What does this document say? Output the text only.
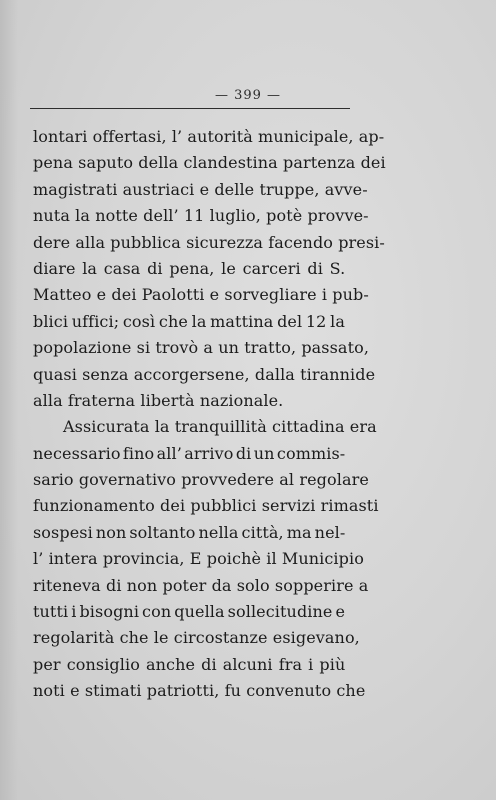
— 399 —
lontari offertasi, l’ autorità municipale, ap-
pena saputo della clandestina partenza dei
magistrati austriaci e delle truppe, avve-
nuta la notte dell’ 11 luglio, potè provve-
dere alla pubblica sicurezza facendo presi-
diare la casa di pena, le carceri di S.
Matteo e dei Paolotti e sorvegliare i pub-
blici uffici; così che la mattina del 12 la
popolazione si trovò a un tratto, passato,
quasi senza accorgersene, dalla tirannide
alla fraterna libertà nazionale.
Assicurata la tranquillità cittadina era
necessario fino all’ arrivo di un commis-
sario governativo provvedere al regolare
funzionamento dei pubblici servizi rimasti
sospesi non soltanto nella città, ma nel-
l’ intera provincia, E poichè il Municipio
riteneva di non poter da solo sopperire a
tutti i bisogni con quella sollecitudine e
regolarità che le circostanze esigevano,
per consiglio anche di alcuni fra i più
noti e stimati patriotti, fu convenuto che
